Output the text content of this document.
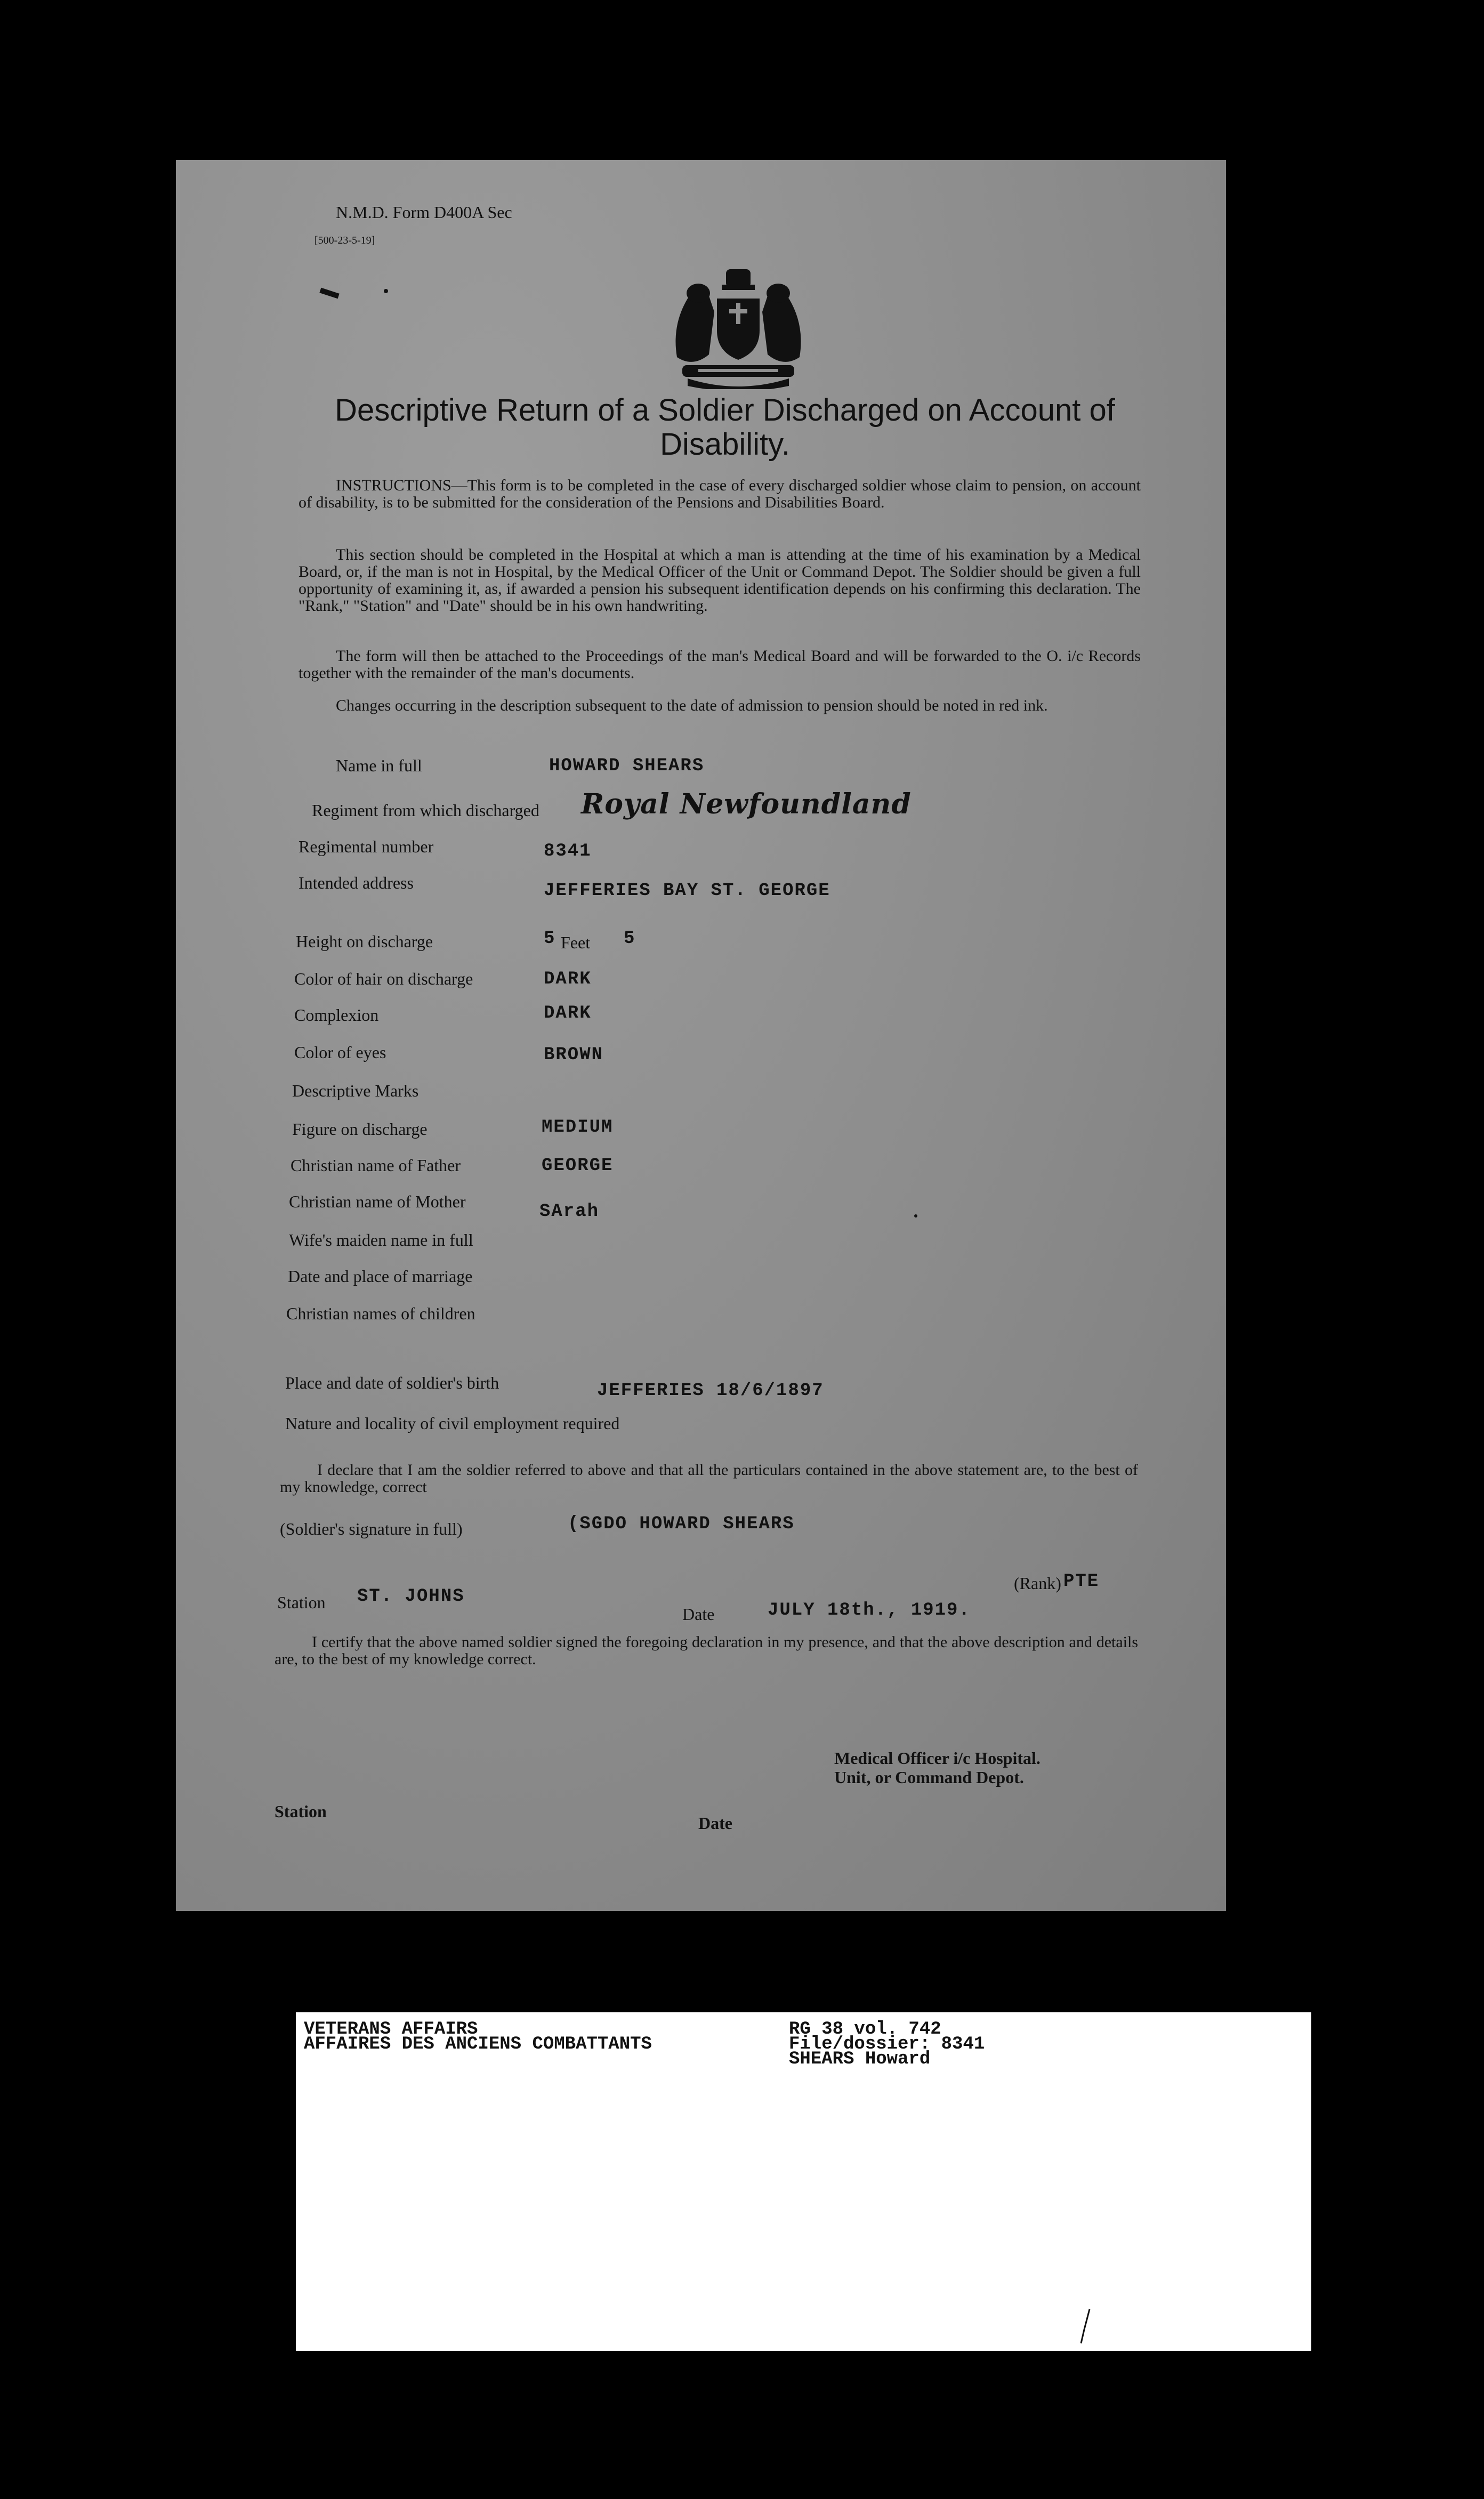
N.M.D. Form D400A Sec
[500-23-5-19]
Descriptive Return of a Soldier Discharged on Account of Disability.
INSTRUCTIONS—This form is to be completed in the case of every discharged soldier whose claim to pension, on account of disability, is to be submitted for the consideration of the Pensions and Disabilities Board.
This section should be completed in the Hospital at which a man is attending at the time of his examination by a Medical Board, or, if the man is not in Hospital, by the Medical Officer of the Unit or Command Depot. The Soldier should be given a full opportunity of examining it, as, if awarded a pension his subsequent identification depends on his confirming this declaration. The "Rank," "Station" and "Date" should be in his own handwriting.
The form will then be attached to the Proceedings of the man's Medical Board and will be forwarded to the O. i/c Records together with the remainder of the man's documents.
Changes occurring in the description subsequent to the date of admission to pension should be noted in red ink.
Name in full	HOWARD SHEARS
Regiment from which discharged Royal Newfoundland
Regimental number	8341
Intended address	JEFFERIES BAY ST. GEORGE
Height on discharge	5 Feet 5
Color of hair on discharge	DARK
Complexion	DARK
Color of eyes	BROWN
Descriptive Marks
Figure on discharge	MEDIUM
Christian name of Father	GEORGE
Christian name of Mother	SArah
Wife's maiden name in full
Date and place of marriage
Christian names of children
Place and date of soldier's birth	JEFFERIES 18/6/1897
Nature and locality of civil employment required
I declare that I am the soldier referred to above and that all the particulars contained in the above statement are, to the best of my knowledge, correct
(Soldier's signature in full)	(SGDO HOWARD SHEARS
(Rank) PTE
Station ST. JOHNS
Date	JULY 18th., 1919.
I certify that the above named soldier signed the foregoing declaration in my presence, and that the above description and details are, to the best of my knowledge correct.
Medical Officer i/c Hospital.
Unit, or Command Depot.
Station
Date
VETERANS AFFAIRS
AFFAIRES DES ANCIENS COMBATTANTS
RG 38 vol. 742
File/dossier: 8341
SHEARS Howard
